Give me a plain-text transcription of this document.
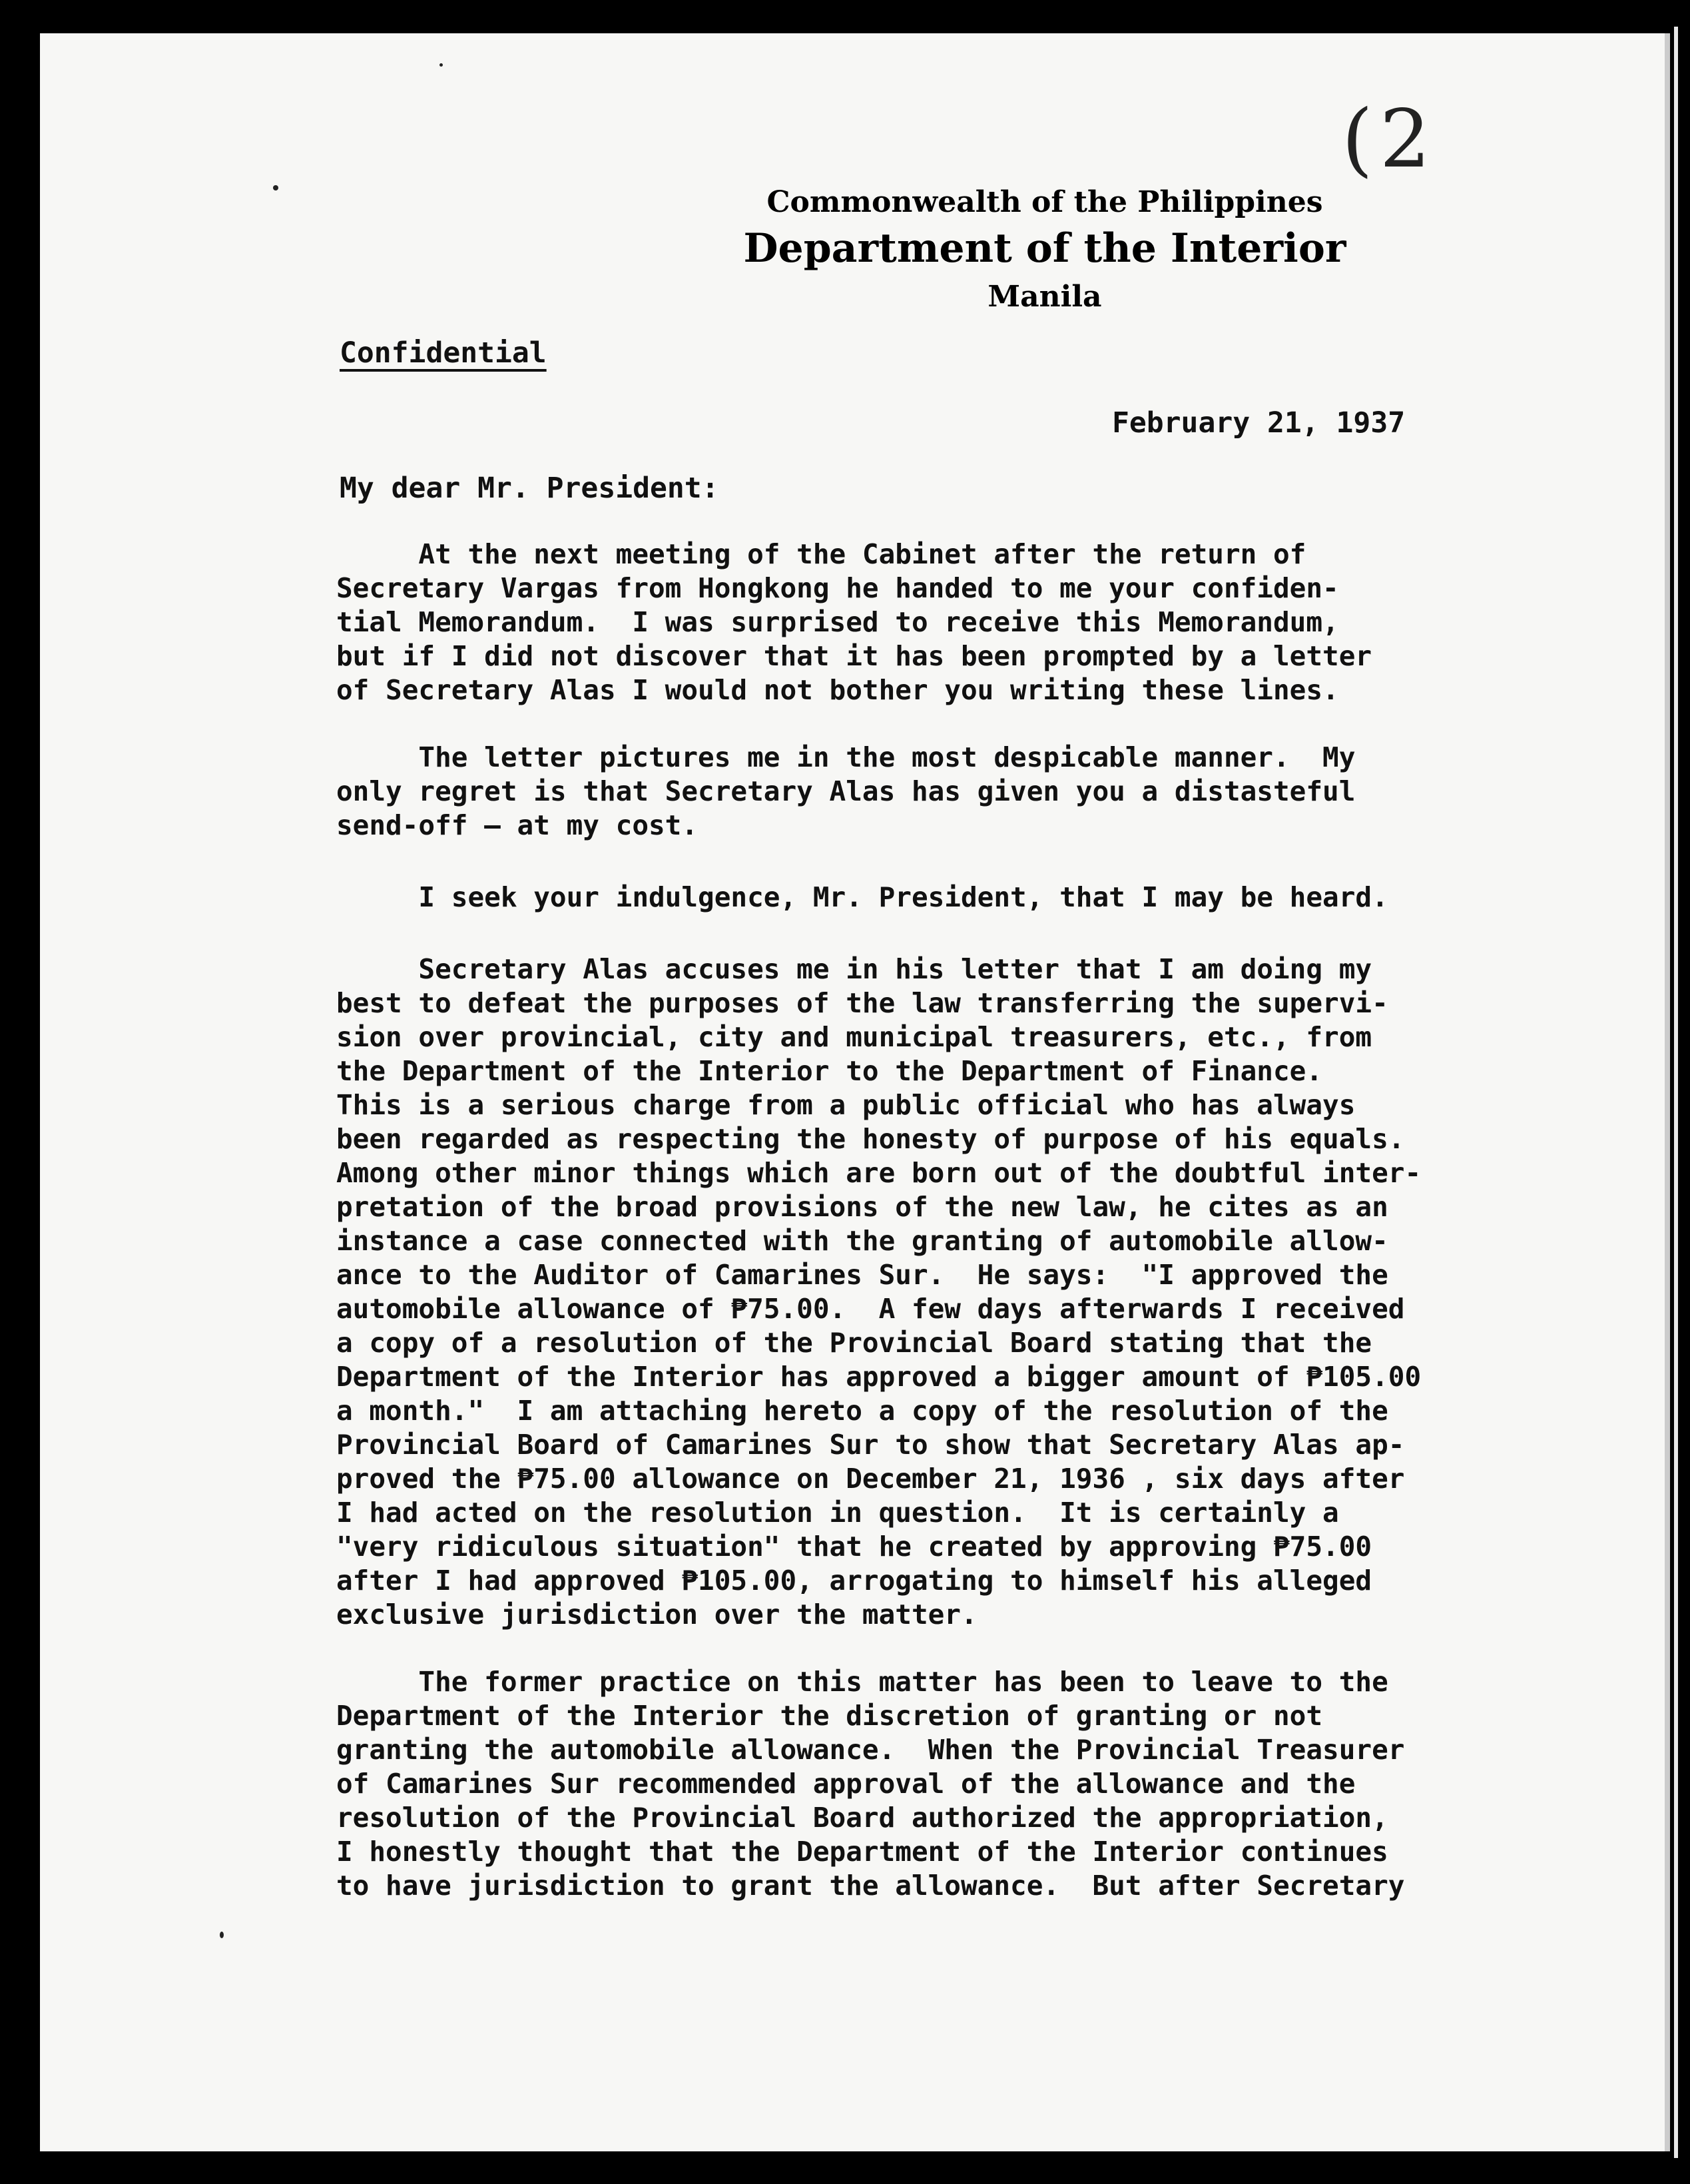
(2
Commonwealth of the Philippines
Department of the Interior
Manila
Confidential
February 21, 1937
My dear Mr. President:
At the next meeting of the Cabinet after the return of
Secretary Vargas from Hongkong he handed to me your confiden-
tial Memorandum.  I was surprised to receive this Memorandum,
but if I did not discover that it has been prompted by a letter
of Secretary Alas I would not bother you writing these lines.
The letter pictures me in the most despicable manner.  My
only regret is that Secretary Alas has given you a distasteful
send-off — at my cost.
I seek your indulgence, Mr. President, that I may be heard.
Secretary Alas accuses me in his letter that I am doing my
best to defeat the purposes of the law transferring the supervi-
sion over provincial, city and municipal treasurers, etc., from
the Department of the Interior to the Department of Finance.
This is a serious charge from a public official who has always
been regarded as respecting the honesty of purpose of his equals.
Among other minor things which are born out of the doubtful inter-
pretation of the broad provisions of the new law, he cites as an
instance a case connected with the granting of automobile allow-
ance to the Auditor of Camarines Sur.  He says:  "I approved the
automobile allowance of ₱75.00.  A few days afterwards I received
a copy of a resolution of the Provincial Board stating that the
Department of the Interior has approved a bigger amount of ₱105.00
a month."  I am attaching hereto a copy of the resolution of the
Provincial Board of Camarines Sur to show that Secretary Alas ap-
proved the ₱75.00 allowance on December 21, 1936 , six days after
I had acted on the resolution in question.  It is certainly a
"very ridiculous situation" that he created by approving ₱75.00
after I had approved ₱105.00, arrogating to himself his alleged
exclusive jurisdiction over the matter.
The former practice on this matter has been to leave to the
Department of the Interior the discretion of granting or not
granting the automobile allowance.  When the Provincial Treasurer
of Camarines Sur recommended approval of the allowance and the
resolution of the Provincial Board authorized the appropriation,
I honestly thought that the Department of the Interior continues
to have jurisdiction to grant the allowance.  But after Secretary
